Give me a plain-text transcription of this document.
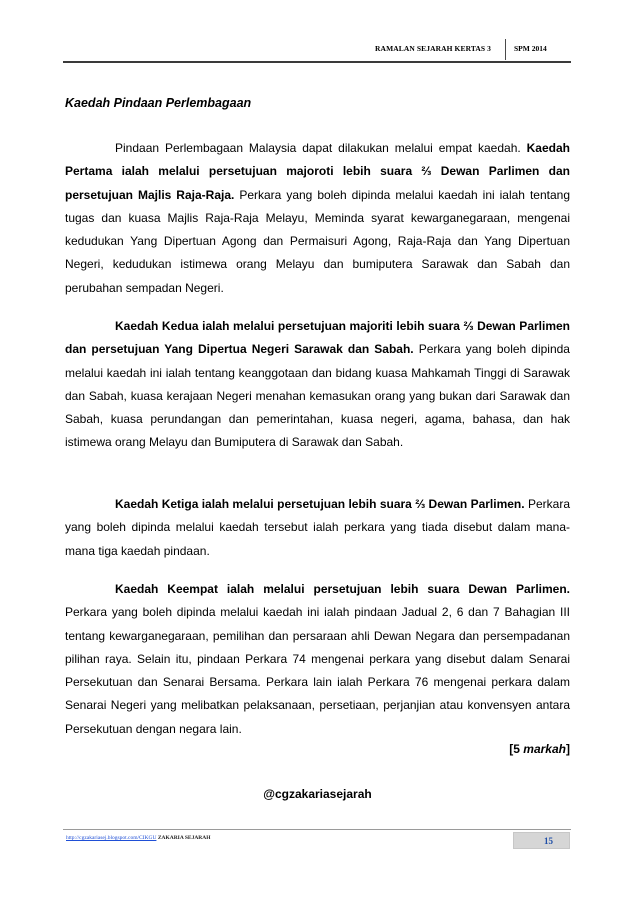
RAMALAN SEJARAH KERTAS 3	SPM 2014
Kaedah Pindaan Perlembagaan
Pindaan Perlembagaan Malaysia dapat dilakukan melalui empat kaedah. Kaedah Pertama ialah melalui persetujuan majoroti lebih suara ⅔ Dewan Parlimen dan persetujuan Majlis Raja-Raja. Perkara yang boleh dipinda melalui kaedah ini ialah tentang tugas dan kuasa Majlis Raja-Raja Melayu, Meminda syarat kewarganegaraan, mengenai kedudukan Yang Dipertuan Agong dan Permaisuri Agong, Raja-Raja dan Yang Dipertuan Negeri, kedudukan istimewa orang Melayu dan bumiputera Sarawak dan Sabah dan perubahan sempadan Negeri.
Kaedah Kedua ialah melalui persetujuan majoriti lebih suara ⅔ Dewan Parlimen dan persetujuan Yang Dipertua Negeri Sarawak dan Sabah. Perkara yang boleh dipinda melalui kaedah ini ialah tentang keanggotaan dan bidang kuasa Mahkamah Tinggi di Sarawak dan Sabah, kuasa kerajaan Negeri menahan kemasukan orang yang bukan dari Sarawak dan Sabah, kuasa perundangan dan pemerintahan, kuasa negeri, agama, bahasa, dan hak istimewa orang Melayu dan Bumiputera di Sarawak dan Sabah.
Kaedah Ketiga ialah melalui persetujuan lebih suara ⅔ Dewan Parlimen. Perkara yang boleh dipinda melalui kaedah tersebut ialah perkara yang tiada disebut dalam mana-mana tiga kaedah pindaan.
Kaedah Keempat ialah melalui persetujuan lebih suara Dewan Parlimen. Perkara yang boleh dipinda melalui kaedah ini ialah pindaan Jadual 2, 6 dan 7 Bahagian III tentang kewarganegaraan, pemilihan dan persaraan ahli Dewan Negara dan persempadanan pilihan raya. Selain itu, pindaan Perkara 74 mengenai perkara yang disebut dalam Senarai Persekutuan dan Senarai Bersama. Perkara lain ialah Perkara 76 mengenai perkara dalam Senarai Negeri yang melibatkan pelaksanaan, persetiaan, perjanjian atau konvensyen antara Persekutuan dengan negara lain.
[5 markah]
@cgzakariasejarah
http://cgzakariasej.blogspot.com/CIKGU ZAKARIA SEJARAH	15
